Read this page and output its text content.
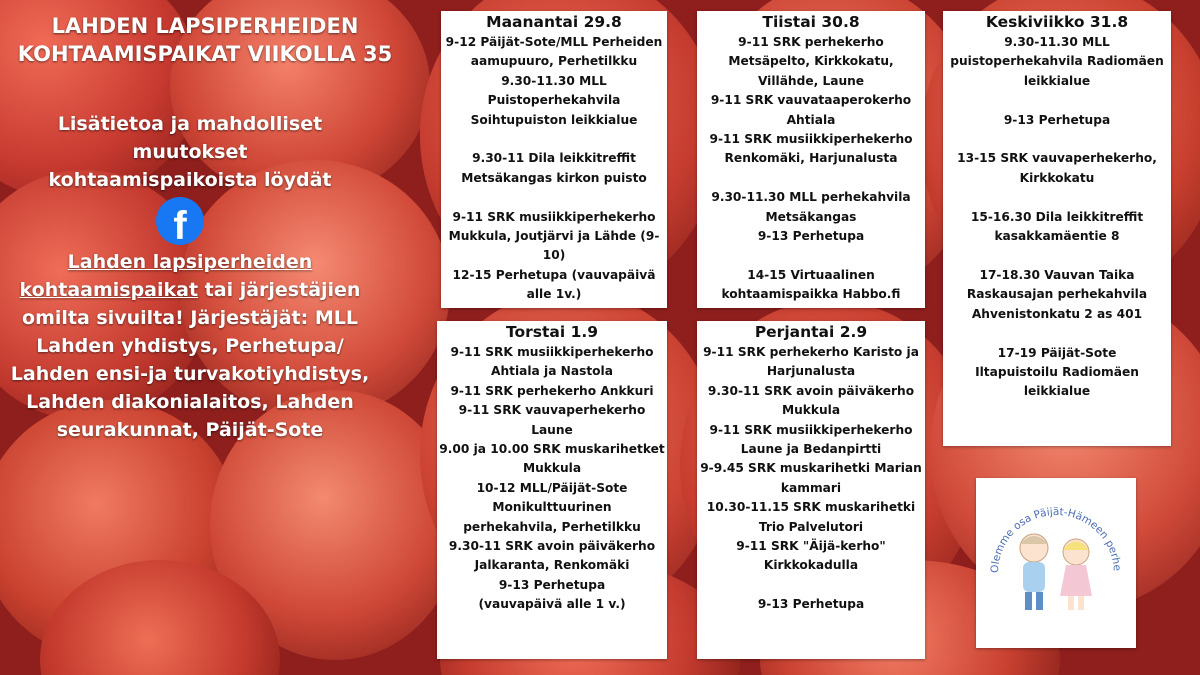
LAHDEN LAPSIPERHEIDEN
KOHTAAMISPAIKAT VIIKOLLA 35
Lisätietoa ja mahdolliset
muutokset
kohtaamispaikoista löydät
f
Lahden lapsiperheiden kohtaamispaikat tai järjestäjien omilta sivuilta! Järjestäjät: MLL Lahden yhdistys, Perhetupa/ Lahden ensi-ja turvakotiyhdistys, Lahden diakonialaitos, Lahden seurakunnat, Päijät-Sote
Maanantai 29.8
9-12 Päijät-Sote/MLL Perheiden aamupuuro, Perhetilkku
9.30-11.30 MLL Puistoperhekahvila
Soihtupuiston leikkialue

9.30-11 Dila leikkitreffit
Metsäkangas kirkon puisto

9-11 SRK musiikkiperhekerho
Mukkula, Joutjärvi ja Lähde (9-10)
12-15 Perhetupa (vauvapäivä alle 1v.)
Tiistai 30.8
9-11 SRK perhekerho
Metsäpelto, Kirkkokatu, Villähde, Laune
9-11 SRK vauvataaperokerho Ahtiala
9-11 SRK musiikkiperhekerho
Renkomäki, Harjunalusta

9.30-11.30 MLL perhekahvila
Metsäkangas
9-13 Perhetupa

14-15 Virtuaalinen
kohtaamispaikka Habbo.fi
Keskiviikko 31.8
9.30-11.30 MLL
puistoperhekahvila Radiomäen leikkialue

9-13 Perhetupa

13-15 SRK vauvaperhekerho,
Kirkkokatu

15-16.30 Dila leikkitreffit
kasakkamäentie 8

17-18.30 Vauvan Taika
Raskausajan perhekahvila
Ahvenistonkatu 2 as 401

17-19 Päijät-Sote
Iltapuistoilu Radiomäen
leikkialue
Torstai 1.9
9-11 SRK musiikkiperhekerho
Ahtiala ja Nastola
9-11 SRK perhekerho Ankkuri
9-11 SRK vauvaperhekerho
Laune
9.00 ja 10.00 SRK muskarihetket
Mukkula
10-12 MLL/Päijät-Sote
Monikulttuurinen
perhekahvila, Perhetilkku
9.30-11 SRK avoin päiväkerho
Jalkaranta, Renkomäki
9-13 Perhetupa
(vauvapäivä alle 1 v.)
Perjantai 2.9
9-11 SRK perhekerho Karisto ja
Harjunalusta
9.30-11 SRK avoin päiväkerho
Mukkula
9-11 SRK musiikkiperhekerho
Laune ja Bedanpirtti
9-9.45 SRK muskarihetki Marian
kammari
10.30-11.15 SRK muskarihetki
Trio Palvelutori
9-11 SRK "Äijä-kerho"
Kirkkokadulla

9-13 Perhetupa
Olemme osa Päijät-Hämeen perhe
